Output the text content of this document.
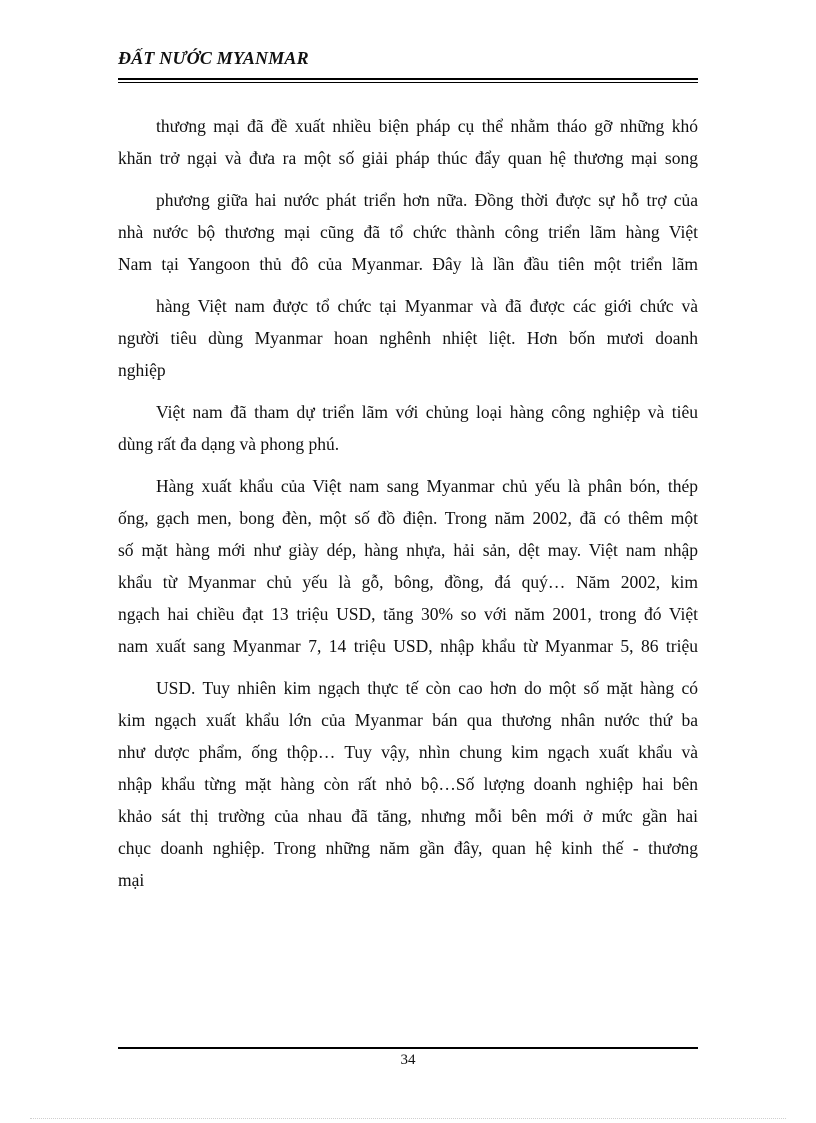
ĐẤT NƯỚC MYANMAR
thương mại đã đề xuất nhiều biện pháp cụ thể nhằm tháo gỡ những khó
khăn trở ngại và đưa ra một số giải pháp thúc đẩy quan hệ thương mại song
phương giữa hai nước phát triển hơn nữa. Đồng thời được sự hỗ trợ của
nhà nước bộ thương mại cũng đã tổ chức thành công triển lãm hàng Việt
Nam tại Yangoon thủ đô của Myanmar. Đây là lần đầu tiên một triển lãm
hàng Việt nam được tổ chức tại Myanmar và đã được các giới chức và
người tiêu dùng Myanmar hoan nghênh nhiệt liệt. Hơn bốn mươi doanh
nghiệp
Việt nam đã tham dự triển lãm với chủng loại hàng công nghiệp và tiêu
dùng rất đa dạng và phong phú.
Hàng xuất khẩu của Việt nam sang Myanmar chủ yếu là phân bón, thép
ống, gạch men, bong đèn, một số đồ điện. Trong năm 2002, đã có thêm một
số mặt hàng mới như giày dép, hàng nhựa, hải sản, dệt may. Việt nam nhập
khẩu từ Myanmar chủ yếu là gỗ, bông, đồng, đá quý… Năm 2002, kim
ngạch hai chiều đạt 13 triệu USD, tăng 30% so với năm 2001, trong đó Việt
nam xuất sang Myanmar 7, 14 triệu USD, nhập khẩu từ Myanmar 5, 86 triệu
USD. Tuy nhiên kim ngạch thực tế còn cao hơn do một số mặt hàng có
kim ngạch xuất khẩu lớn của Myanmar bán qua thương nhân nước thứ ba
như dược phẩm, ống thộp… Tuy vậy, nhìn chung kim ngạch xuất khẩu và
nhập khẩu từng mặt hàng còn rất nhỏ bộ…Số lượng doanh nghiệp hai bên
khảo sát thị trường của nhau đã tăng, nhưng mỗi bên mới ở mức gần hai
chục doanh nghiệp. Trong những năm gần đây, quan hệ kinh thế - thương
mại
34
